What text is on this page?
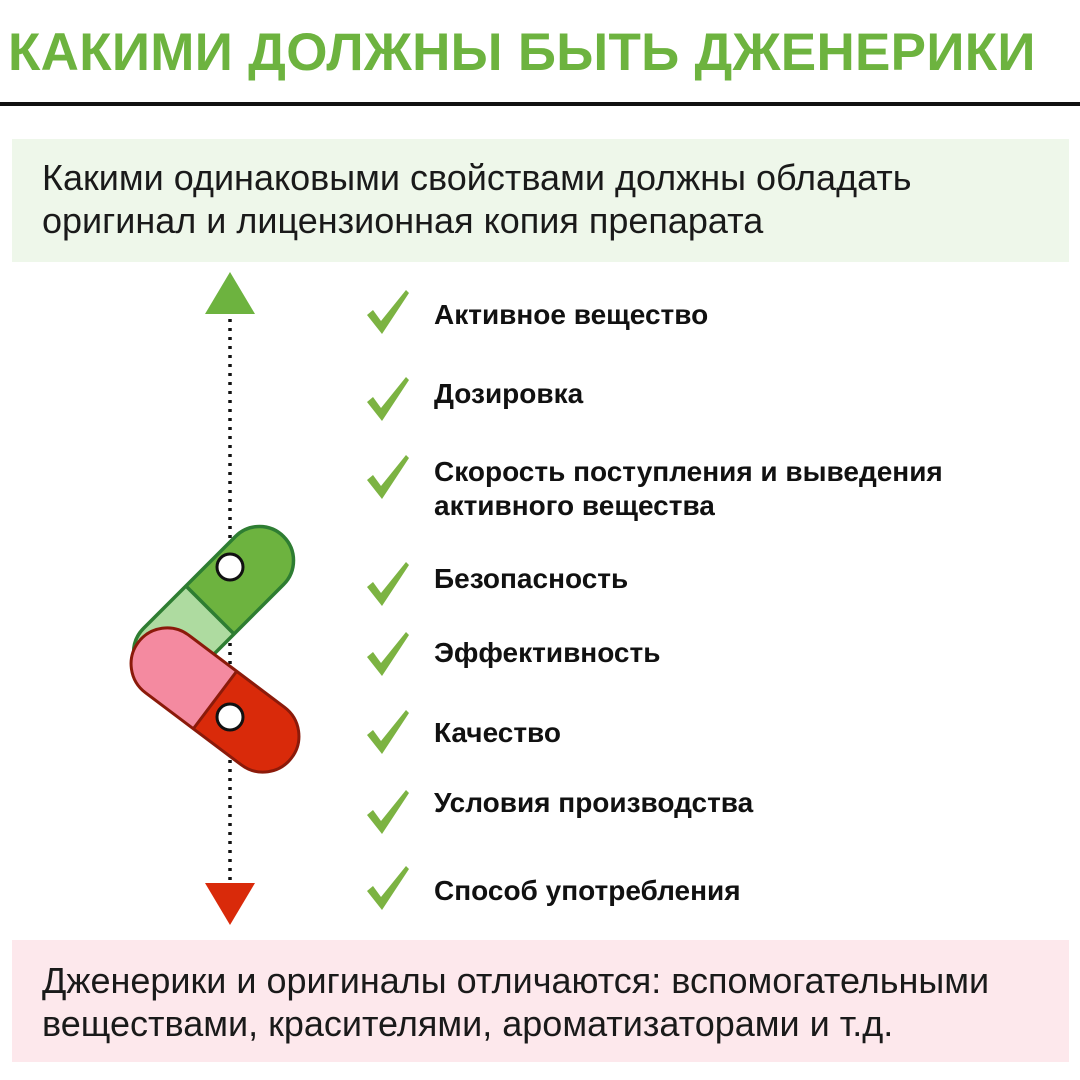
КАКИМИ ДОЛЖНЫ БЫТЬ ДЖЕНЕРИКИ
Какими одинаковыми свойствами должны обладать
оригинал и лицензионная копия препарата
Активное вещество
Дозировка
Скорость поступления и выведения
активного вещества
Безопасность
Эффективность
Качество
Условия производства
Способ употребления
Дженерики и оригиналы отличаются: вспомогательными
веществами, красителями, ароматизаторами и т.д.
